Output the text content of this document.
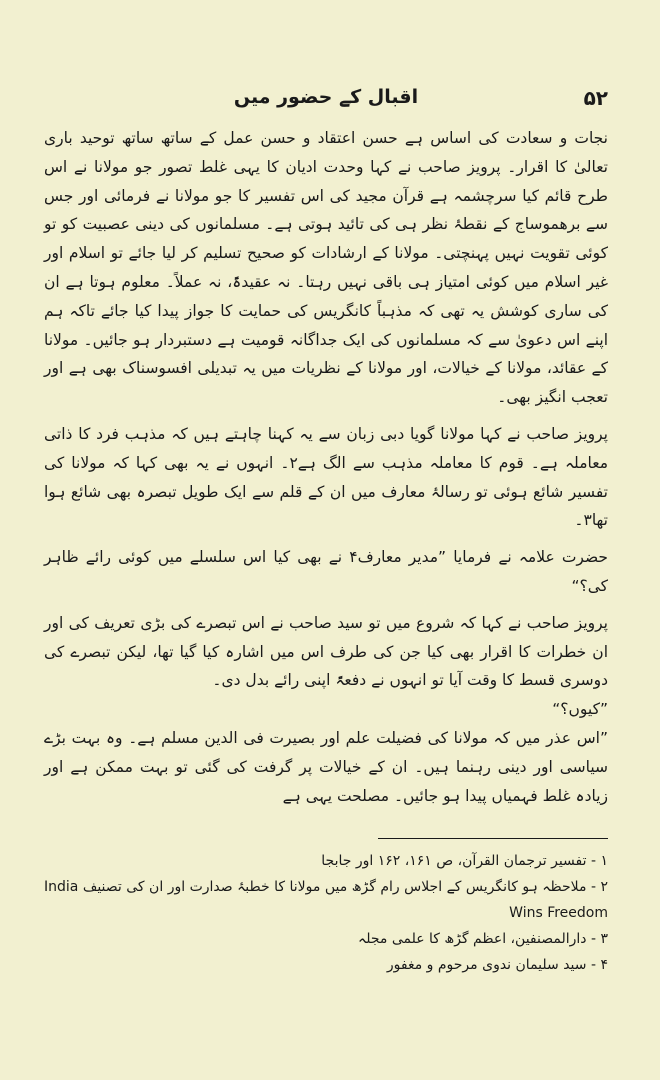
۵۲
اقبال کے حضور میں

نجات و سعادت کی اساس ہے حسن اعتقاد و حسن عمل کے ساتھ ساتھ توحید باری تعالیٰ کا اقرار۔ پرویز صاحب نے کہا وحدت ادیان کا یہی غلط تصور جو مولانا نے اس طرح قائم کیا سرچشمہ ہے قرآن مجید کی اس تفسیر کا جو مولانا نے فرمائی اور جس سے برھموساج کے نقطۂ نظر ہی کی تائید ہوتی ہے۔ مسلمانوں کی دینی عصبیت کو تو کوئی تقویت نہیں پہنچتی۔ مولانا کے ارشادات کو صحیح تسلیم کر لیا جائے تو اسلام اور غیر اسلام میں کوئی امتیاز ہی باقی نہیں رہتا۔ نہ عقیدۃً، نہ عملاً۔ معلوم ہوتا ہے ان کی ساری کوشش یہ تھی کہ مذہباً کانگریس کی حمایت کا جواز پیدا کیا جائے تاکہ ہم اپنے اس دعویٰ سے کہ مسلمانوں کی ایک جداگانہ قومیت ہے دستبردار ہو جائیں۔ مولانا کے عقائد، مولانا کے خیالات، اور مولانا کے نظریات میں یہ تبدیلی افسوسناک بھی ہے اور تعجب انگیز بھی۔

پرویز صاحب نے کہا مولانا گویا دبی زبان سے یہ کہنا چاہتے ہیں کہ مذہب فرد کا ذاتی معاملہ ہے۔ قوم کا معاملہ مذہب سے الگ ہے۲۔ انہوں نے یہ بھی کہا کہ مولانا کی تفسیر شائع ہوئی تو رسالۂ معارف میں ان کے قلم سے ایک طویل تبصرہ بھی شائع ہوا تھا۳۔

حضرت علامہ نے فرمایا ”مدیر معارف۴ نے بھی کیا اس سلسلے میں کوئی رائے ظاہر کی؟“

پرویز صاحب نے کہا کہ شروع میں تو سید صاحب نے اس تبصرے کی بڑی تعریف کی اور ان خطرات کا اقرار بھی کیا جن کی طرف اس میں اشارہ کیا گیا تھا، لیکن تبصرے کی دوسری قسط کا وقت آیا تو انہوں نے دفعۃً اپنی رائے بدل دی۔

”کیوں؟“

”اس عذر میں کہ مولانا کی فضیلت علم اور بصیرت فی الدین مسلم ہے۔ وہ بہت بڑے سیاسی اور دینی رہنما ہیں۔ ان کے خیالات پر گرفت کی گئی تو بہت ممکن ہے اور زیادہ غلط فہمیاں پیدا ہو جائیں۔ مصلحت یہی ہے

۱ - تفسیر ترجمان القرآن، ص ۱۶۱، ۱۶۲ اور جابجا

۲ - ملاحظہ ہو کانگریس کے اجلاس رام گڑھ میں مولانا کا خطبۂ صدارت اور ان کی تصنیف India Wins Freedom

۳ - دارالمصنفین، اعظم گڑھ کا علمی مجلہ

۴ - سید سلیمان ندوی مرحوم و مغفور
